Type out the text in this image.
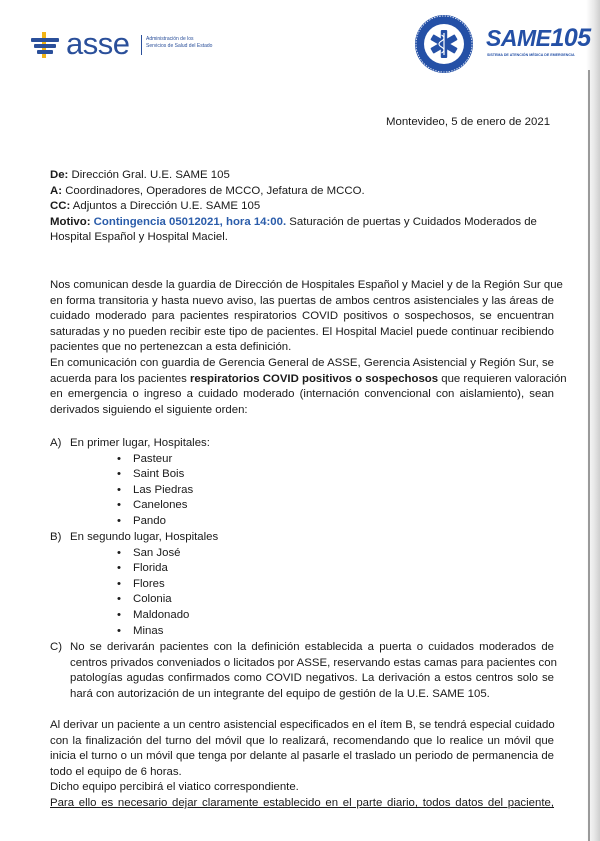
asse	Administración de los
Servicios de Salud del Estado	SAME105
SISTEMA DE ATENCIÓN MÉDICA DE EMERGENCIA
Montevideo, 5 de enero de 2021

De: Dirección Gral. U.E. SAME 105

A: Coordinadores, Operadores de MCCO, Jefatura de MCCO.

CC: Adjuntos a Dirección U.E. SAME 105

Motivo: Contingencia 05012021, hora 14:00. Saturación de puertas y Cuidados Moderados de

Hospital Español y Hospital Maciel.

Nos comunican desde la guardia de Dirección de Hospitales Español y Maciel y de la Región Sur que
en forma transitoria y hasta nuevo aviso, las puertas de ambos centros asistenciales y las áreas de
cuidado moderado para pacientes respiratorios COVID positivos o sospechosos, se encuentran
saturadas y no pueden recibir este tipo de pacientes. El Hospital Maciel puede continuar recibiendo
pacientes que no pertenezcan a esta definición.
En comunicación con guardia de Gerencia General de ASSE, Gerencia Asistencial y Región Sur, se
acuerda para los pacientes respiratorios COVID positivos o sospechosos que requieren valoración
en emergencia o ingreso a cuidado moderado (internación convencional con aislamiento), sean
derivados siguiendo el siguiente orden:
A) En primer lugar, Hospitales:
• Pasteur
• Saint Bois
• Las Piedras
• Canelones
• Pando
B) En segundo lugar, Hospitales
• San José
• Florida
• Flores
• Colonia
• Maldonado
• Minas
C) No se derivarán pacientes con la definición establecida a puerta o cuidados moderados de
centros privados conveniados o licitados por ASSE, reservando estas camas para pacientes con
patologías agudas confirmados como COVID negativos. La derivación a estos centros solo se
hará con autorización de un integrante del equipo de gestión de la U.E. SAME 105.
Al derivar un paciente a un centro asistencial especificados en el ítem B, se tendrá especial cuidado
con la finalización del turno del móvil que lo realizará, recomendando que lo realice un móvil que
inicia el turno o un móvil que tenga por delante al pasarle el traslado un periodo de permanencia de
todo el equipo de 6 horas.
Dicho equipo percibirá el viatico correspondiente.
Para ello es necesario dejar claramente establecido en el parte diario, todos datos del paciente,
